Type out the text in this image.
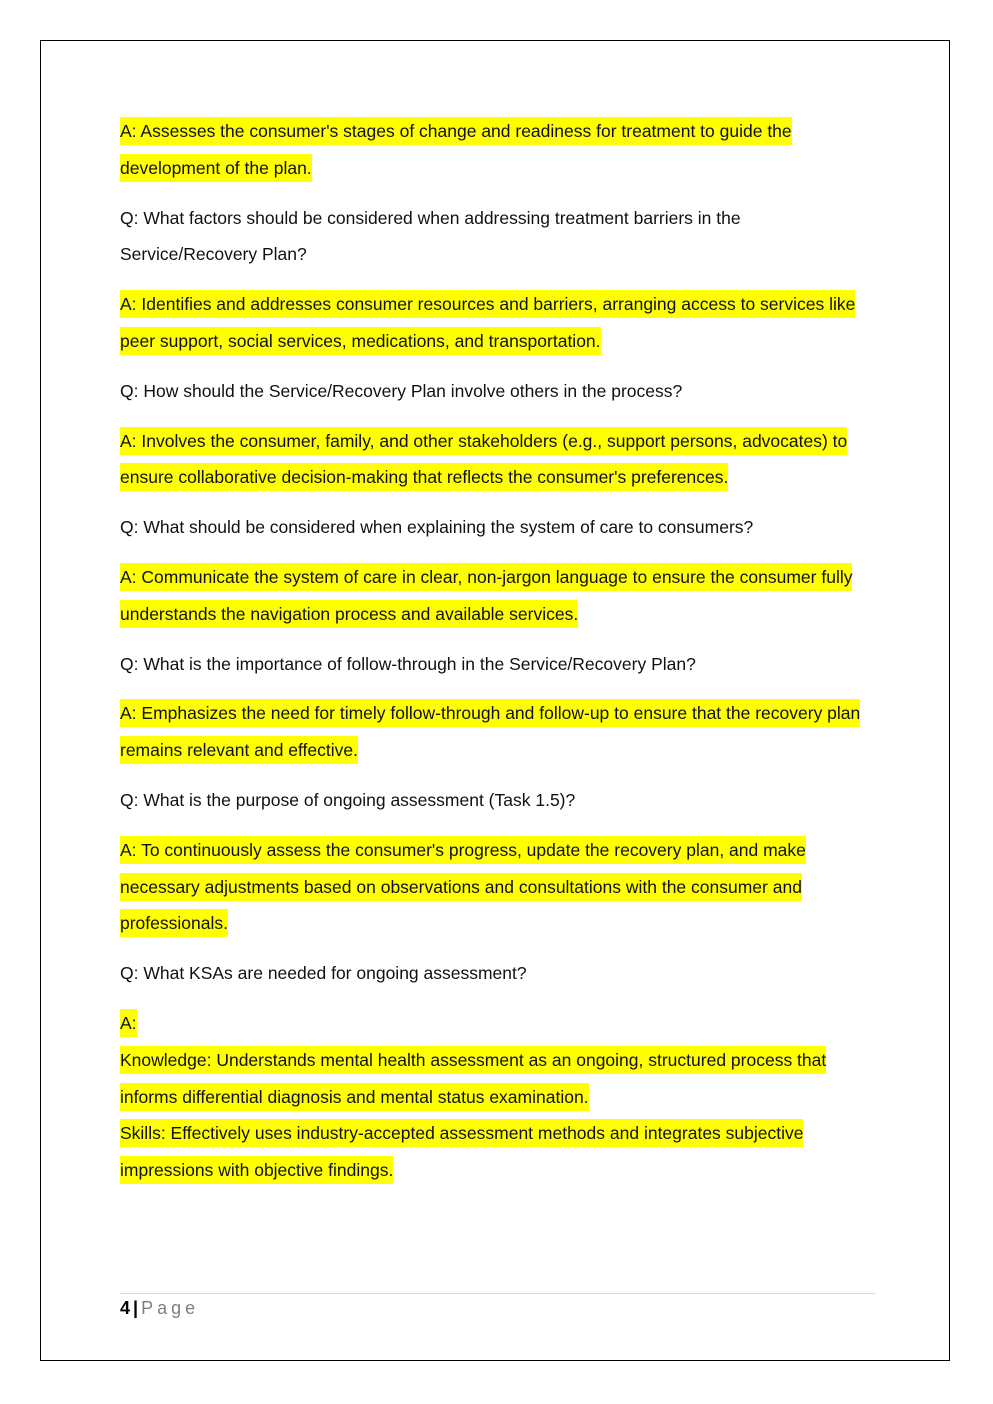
A: Assesses the consumer's stages of change and readiness for treatment to guide the development of the plan.

Q: What factors should be considered when addressing treatment barriers in the Service/Recovery Plan?

A: Identifies and addresses consumer resources and barriers, arranging access to services like peer support, social services, medications, and transportation.

Q: How should the Service/Recovery Plan involve others in the process?

A: Involves the consumer, family, and other stakeholders (e.g., support persons, advocates) to ensure collaborative decision-making that reflects the consumer's preferences.

Q: What should be considered when explaining the system of care to consumers?

A: Communicate the system of care in clear, non-jargon language to ensure the consumer fully understands the navigation process and available services.

Q: What is the importance of follow-through in the Service/Recovery Plan?

A: Emphasizes the need for timely follow-through and follow-up to ensure that the recovery plan remains relevant and effective.

Q: What is the purpose of ongoing assessment (Task 1.5)?

A: To continuously assess the consumer's progress, update the recovery plan, and make necessary adjustments based on observations and consultations with the consumer and professionals.

Q: What KSAs are needed for ongoing assessment?

A:
Knowledge: Understands mental health assessment as an ongoing, structured process that informs differential diagnosis and mental status examination.
Skills: Effectively uses industry-accepted assessment methods and integrates subjective impressions with objective findings.
4 | Page
